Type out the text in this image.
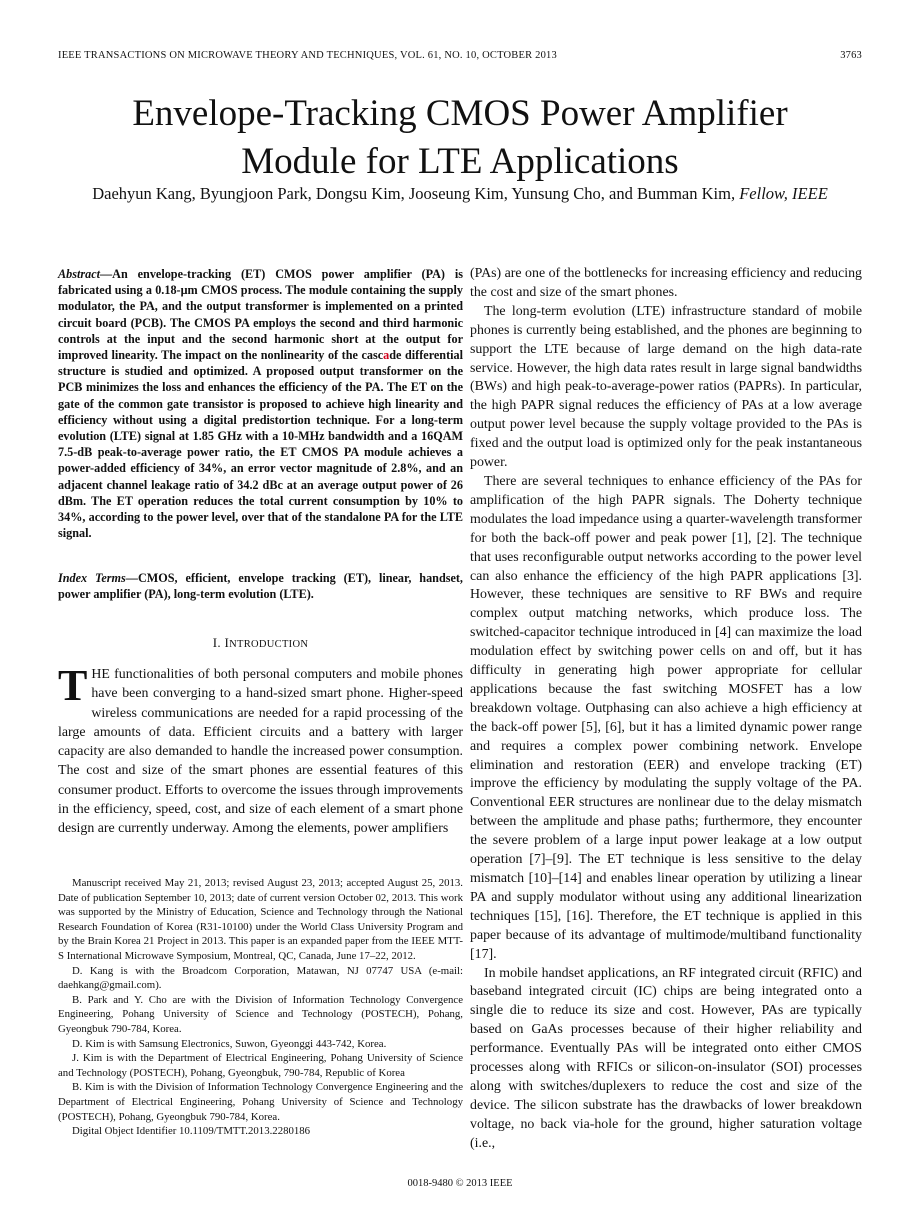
IEEE TRANSACTIONS ON MICROWAVE THEORY AND TECHNIQUES, VOL. 61, NO. 10, OCTOBER 2013	3763
Envelope-Tracking CMOS Power Amplifier
Module for LTE Applications
Daehyun Kang, Byungjoon Park, Dongsu Kim, Jooseung Kim, Yunsung Cho, and Bumman Kim, Fellow, IEEE
Abstract—An envelope-tracking (ET) CMOS power amplifier (PA) is fabricated using a 0.18-μm CMOS process. The module containing the supply modulator, the PA, and the output transformer is implemented on a printed circuit board (PCB). The CMOS PA employs the second and third harmonic controls at the input and the second harmonic short at the output for improved linearity. The impact on the nonlinearity of the cascade differential structure is studied and optimized. A proposed output transformer on the PCB minimizes the loss and enhances the efficiency of the PA. The ET on the gate of the common gate transistor is proposed to achieve high linearity and efficiency without using a digital predistortion technique. For a long-term evolution (LTE) signal at 1.85 GHz with a 10-MHz bandwidth and a 16QAM 7.5-dB peak-to-average power ratio, the ET CMOS PA module achieves a power-added efficiency of 34%, an error vector magnitude of 2.8%, and an adjacent channel leakage ratio of 34.2 dBc at an average output power of 26 dBm. The ET operation reduces the total current consumption by 10% to 34%, according to the power level, over that of the standalone PA for the LTE signal.
Index Terms—CMOS, efficient, envelope tracking (ET), linear, handset, power amplifier (PA), long-term evolution (LTE).
I. INTRODUCTION
THE functionalities of both personal computers and mobile phones have been converging to a hand-sized smart phone. Higher-speed wireless communications are needed for a rapid processing of the large amounts of data. Efficient circuits and a battery with larger capacity are also demanded to handle the increased power consumption. The cost and size of the smart phones are essential features of this consumer product. Efforts to overcome the issues through improvements in the efficiency, speed, cost, and size of each element of a smart phone design are currently underway. Among the elements, power amplifiers

Manuscript received May 21, 2013; revised August 23, 2013; accepted August 25, 2013. Date of publication September 10, 2013; date of current version October 02, 2013. This work was supported by the Ministry of Education, Science and Technology through the National Research Foundation of Korea (R31-10100) under the World Class University Program and by the Brain Korea 21 Project in 2013. This paper is an expanded paper from the IEEE MTT-S International Microwave Symposium, Montreal, QC, Canada, June 17–22, 2012.

D. Kang is with the Broadcom Corporation, Matawan, NJ 07747 USA (e-mail: daehkang@gmail.com).

B. Park and Y. Cho are with the Division of Information Technology Convergence Engineering, Pohang University of Science and Technology (POSTECH), Pohang, Gyeongbuk 790-784, Korea.

D. Kim is with Samsung Electronics, Suwon, Gyeonggi 443-742, Korea.

J. Kim is with the Department of Electrical Engineering, Pohang University of Science and Technology (POSTECH), Pohang, Gyeongbuk, 790-784, Republic of Korea

B. Kim is with the Division of Information Technology Convergence Engineering and the Department of Electrical Engineering, Pohang University of Science and Technology (POSTECH), Pohang, Gyeongbuk 790-784, Korea.

Digital Object Identifier 10.1109/TMTT.2013.2280186

(PAs) are one of the bottlenecks for increasing efficiency and reducing the cost and size of the smart phones.

The long-term evolution (LTE) infrastructure standard of mobile phones is currently being established, and the phones are beginning to support the LTE because of large demand on the high data-rate service. However, the high data rates result in large signal bandwidths (BWs) and high peak-to-average-power ratios (PAPRs). In particular, the high PAPR signal reduces the efficiency of PAs at a low average output power level because the supply voltage provided to the PAs is fixed and the output load is optimized only for the peak instantaneous power.

There are several techniques to enhance efficiency of the PAs for amplification of the high PAPR signals. The Doherty technique modulates the load impedance using a quarter-wavelength transformer for both the back-off power and peak power [1], [2]. The technique that uses reconfigurable output networks according to the power level can also enhance the efficiency of the high PAPR applications [3]. However, these techniques are sensitive to RF BWs and require complex output matching networks, which produce loss. The switched-capacitor technique introduced in [4] can maximize the load modulation effect by switching power cells on and off, but it has difficulty in generating high power appropriate for cellular applications because the fast switching MOSFET has a low breakdown voltage. Outphasing can also achieve a high efficiency at the back-off power [5], [6], but it has a limited dynamic power range and requires a complex power combining network. Envelope elimination and restoration (EER) and envelope tracking (ET) improve the efficiency by modulating the supply voltage of the PA. Conventional EER structures are nonlinear due to the delay mismatch between the amplitude and phase paths; furthermore, they encounter the severe problem of a large input power leakage at a low output operation [7]–[9]. The ET technique is less sensitive to the delay mismatch [10]–[14] and enables linear operation by utilizing a linear PA and supply modulator without using any additional linearization techniques [15], [16]. Therefore, the ET technique is applied in this paper because of its advantage of multimode/multiband functionality [17].

In mobile handset applications, an RF integrated circuit (RFIC) and baseband integrated circuit (IC) chips are being integrated onto a single die to reduce its size and cost. However, PAs are typically based on GaAs processes because of their higher reliability and performance. Eventually PAs will be integrated onto either CMOS processes along with RFICs or silicon-on-insulator (SOI) processes along with switches/duplexers to reduce the cost and size of the device. The silicon substrate has the drawbacks of lower breakdown voltage, no back via-hole for the ground, higher saturation voltage (i.e.,

0018-9480 © 2013 IEEE
